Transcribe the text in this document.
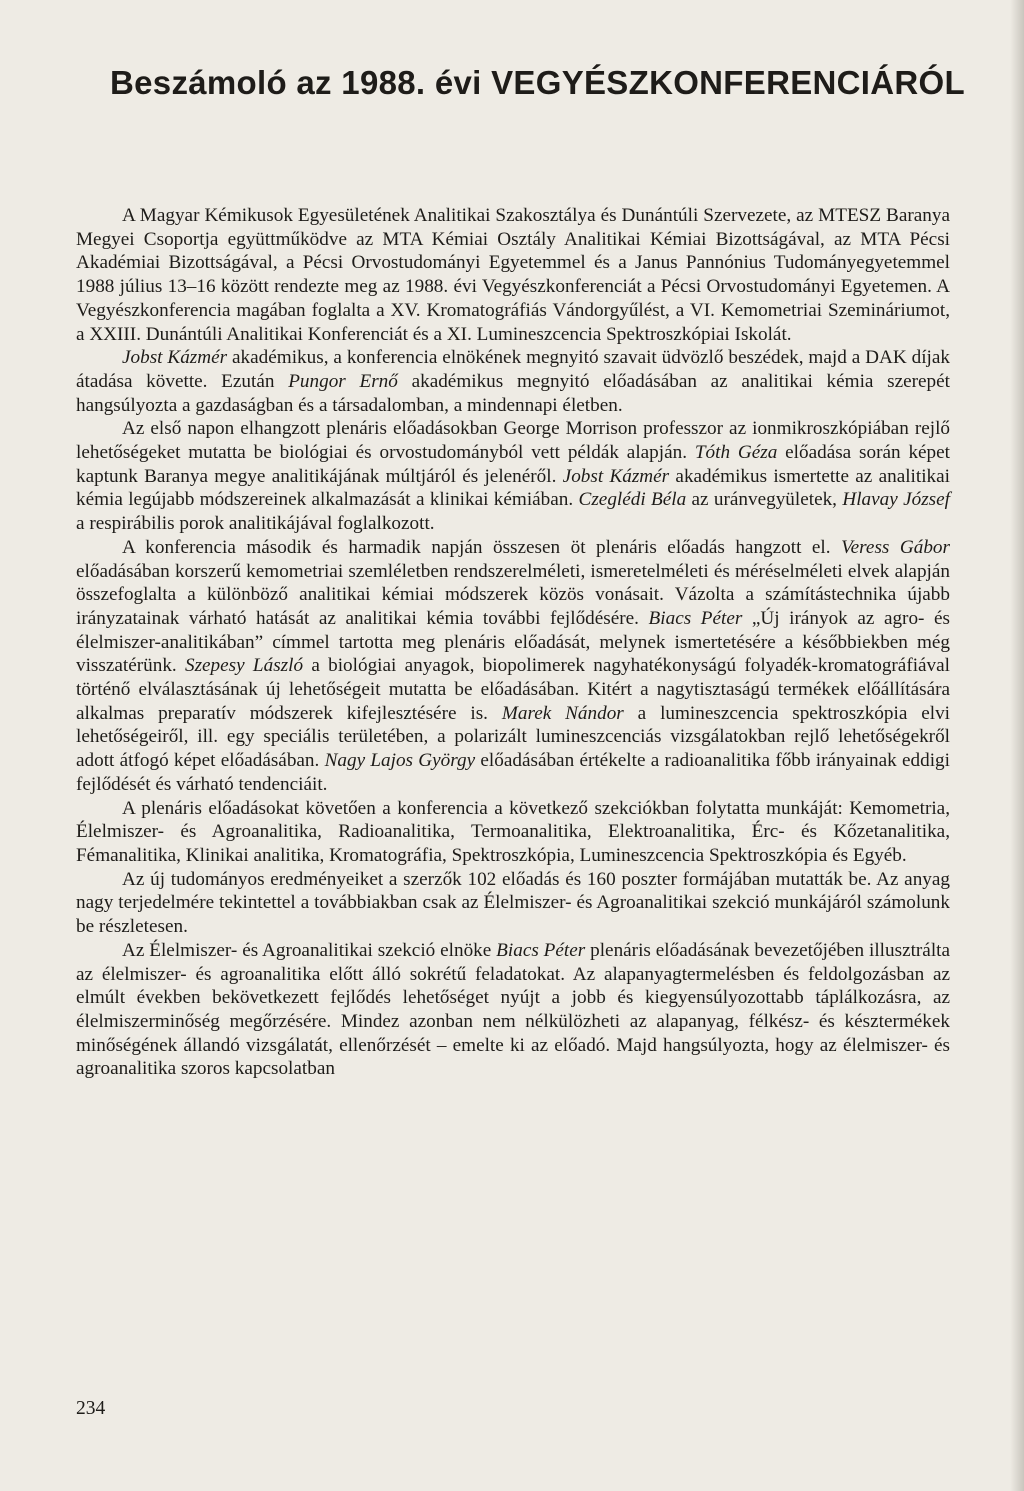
Beszámoló az 1988. évi VEGYÉSZKONFERENCIÁRÓL

A Magyar Kémikusok Egyesületének Analitikai Szakosztálya és Dunántúli Szervezete, az MTESZ Baranya Megyei Csoportja együttműködve az MTA Kémiai Osztály Analitikai Kémiai Bizottságával, az MTA Pécsi Akadémiai Bizottságával, a Pécsi Orvostudományi Egyetemmel és a Janus Pannónius Tudományegyetemmel 1988 július 13–16 között rendezte meg az 1988. évi Vegyészkonferenciát a Pécsi Orvostudományi Egyetemen. A Vegyészkonferencia magában foglalta a XV. Kromatográfiás Vándorgyűlést, a VI. Kemometriai Szemináriumot, a XXIII. Dunántúli Analitikai Konferenciát és a XI. Lumineszcencia Spektroszkópiai Iskolát.

Jobst Kázmér akadémikus, a konferencia elnökének megnyitó szavait üdvözlő beszédek, majd a DAK díjak átadása követte. Ezután Pungor Ernő akadémikus megnyitó előadásában az analitikai kémia szerepét hangsúlyozta a gazdaságban és a társadalomban, a mindennapi életben.

Az első napon elhangzott plenáris előadásokban George Morrison professzor az ionmikroszkópiában rejlő lehetőségeket mutatta be biológiai és orvostudományból vett példák alapján. Tóth Géza előadása során képet kaptunk Baranya megye analitikájának múltjáról és jelenéről. Jobst Kázmér akadémikus ismertette az analitikai kémia legújabb módszereinek alkalmazását a klinikai kémiában. Czeglédi Béla az uránvegyületek, Hlavay József a respirábilis porok analitikájával foglalkozott.

A konferencia második és harmadik napján összesen öt plenáris előadás hangzott el. Veress Gábor előadásában korszerű kemometriai szemléletben rendszerelméleti, ismeretelméleti és méréselméleti elvek alapján összefoglalta a különböző analitikai kémiai módszerek közös vonásait. Vázolta a számítástechnika újabb irányzatainak várható hatását az analitikai kémia további fejlődésére. Biacs Péter „Új irányok az agro- és élelmiszer-analitikában” címmel tartotta meg plenáris előadását, melynek ismertetésére a későbbiekben még visszatérünk. Szepesy László a biológiai anyagok, biopolimerek nagyhatékonyságú folyadék-kromatográfiával történő elválasztásának új lehetőségeit mutatta be előadásában. Kitért a nagytisztaságú termékek előállítására alkalmas preparatív módszerek kifejlesztésére is. Marek Nándor a lumineszcencia spektroszkópia elvi lehetőségeiről, ill. egy speciális területében, a polarizált lumineszcenciás vizsgálatokban rejlő lehetőségekről adott átfogó képet előadásában. Nagy Lajos György előadásában értékelte a radioanalitika főbb irányainak eddigi fejlődését és várható tendenciáit.

A plenáris előadásokat követően a konferencia a következő szekciókban folytatta munkáját: Kemometria, Élelmiszer- és Agroanalitika, Radioanalitika, Termoanalitika, Elektroanalitika, Érc- és Kőzetanalitika, Fémanalitika, Klinikai analitika, Kromatográfia, Spektroszkópia, Lumineszcencia Spektroszkópia és Egyéb.

Az új tudományos eredményeiket a szerzők 102 előadás és 160 poszter formájában mutatták be. Az anyag nagy terjedelmére tekintettel a továbbiakban csak az Élelmiszer- és Agroanalitikai szekció munkájáról számolunk be részletesen.

Az Élelmiszer- és Agroanalitikai szekció elnöke Biacs Péter plenáris előadásának bevezetőjében illusztrálta az élelmiszer- és agroanalitika előtt álló sokrétű feladatokat. Az alapanyagtermelésben és feldolgozásban az elmúlt években bekövetkezett fejlődés lehetőséget nyújt a jobb és kiegyensúlyozottabb táplálkozásra, az élelmiszerminőség megőrzésére. Mindez azonban nem nélkülözheti az alapanyag, félkész- és késztermékek minőségének állandó vizsgálatát, ellenőrzését – emelte ki az előadó. Majd hangsúlyozta, hogy az élelmiszer- és agroanalitika szoros kapcsolatban

234
